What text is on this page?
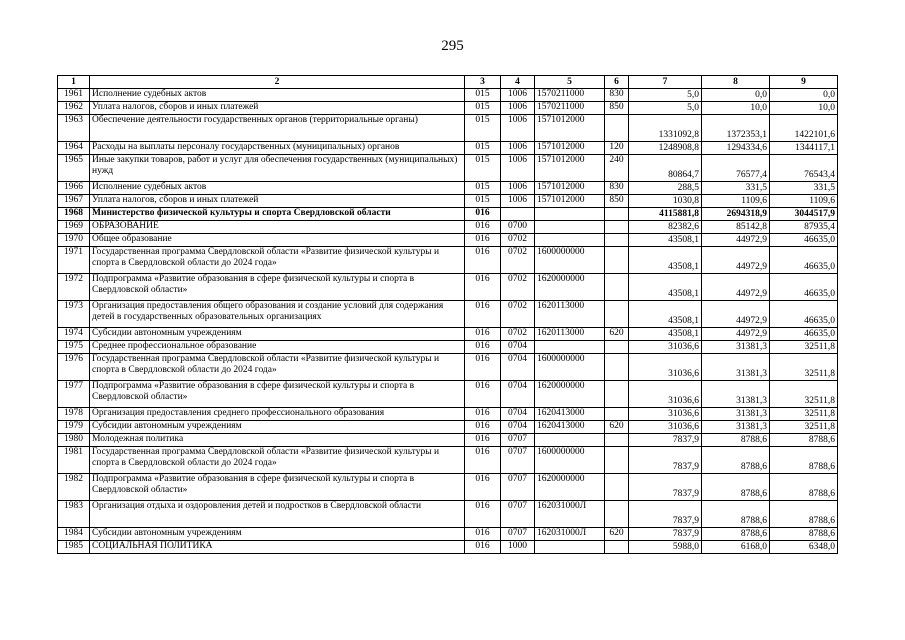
295
1	2	3	4	5	6	7	8	9
1961	Исполнение судебных актов	015	1006	1570211000	830	5,0	0,0	0,0
1962	Уплата налогов, сборов и иных платежей	015	1006	1570211000	850	5,0	10,0	10,0
1963	Обеспечение деятельности государственных органов (территориальные органы)	015	1006	1571012000		1331092,8	1372353,1	1422101,6
1964	Расходы на выплаты персоналу государственных (муниципальных) органов	015	1006	1571012000	120	1248908,8	1294334,6	1344117,1
1965	Иные закупки товаров, работ и услуг для обеспечения государственных (муниципальных) нужд	015	1006	1571012000	240	80864,7	76577,4	76543,4
1966	Исполнение судебных актов	015	1006	1571012000	830	288,5	331,5	331,5
1967	Уплата налогов, сборов и иных платежей	015	1006	1571012000	850	1030,8	1109,6	1109,6
1968	Министерство физической культуры и спорта Свердловской области	016				4115881,8	2694318,9	3044517,9
1969	ОБРАЗОВАНИЕ	016	0700			82382,6	85142,8	87935,4
1970	Общее образование	016	0702			43508,1	44972,9	46635,0
1971	Государственная программа Свердловской области «Развитие физической культуры и спорта в Свердловской области до 2024 года»	016	0702	1600000000		43508,1	44972,9	46635,0
1972	Подпрограмма «Развитие образования в сфере физической культуры и спорта в Свердловской области»	016	0702	1620000000		43508,1	44972,9	46635,0
1973	Организация предоставления общего образования и создание условий для содержания детей в государственных образовательных организациях	016	0702	1620113000		43508,1	44972,9	46635,0
1974	Субсидии автономным учреждениям	016	0702	1620113000	620	43508,1	44972,9	46635,0
1975	Среднее профессиональное образование	016	0704			31036,6	31381,3	32511,8
1976	Государственная программа Свердловской области «Развитие физической культуры и спорта в Свердловской области до 2024 года»	016	0704	1600000000		31036,6	31381,3	32511,8
1977	Подпрограмма «Развитие образования в сфере физической культуры и спорта в Свердловской области»	016	0704	1620000000		31036,6	31381,3	32511,8
1978	Организация предоставления среднего профессионального образования	016	0704	1620413000		31036,6	31381,3	32511,8
1979	Субсидии автономным учреждениям	016	0704	1620413000	620	31036,6	31381,3	32511,8
1980	Молодежная политика	016	0707			7837,9	8788,6	8788,6
1981	Государственная программа Свердловской области «Развитие физической культуры и спорта в Свердловской области до 2024 года»	016	0707	1600000000		7837,9	8788,6	8788,6
1982	Подпрограмма «Развитие образования в сфере физической культуры и спорта в Свердловской области»	016	0707	1620000000		7837,9	8788,6	8788,6
1983	Организация отдыха и оздоровления детей и подростков в Свердловской области	016	0707	162031000Л		7837,9	8788,6	8788,6
1984	Субсидии автономным учреждениям	016	0707	162031000Л	620	7837,9	8788,6	8788,6
1985	СОЦИАЛЬНАЯ ПОЛИТИКА	016	1000			5988,0	6168,0	6348,0
